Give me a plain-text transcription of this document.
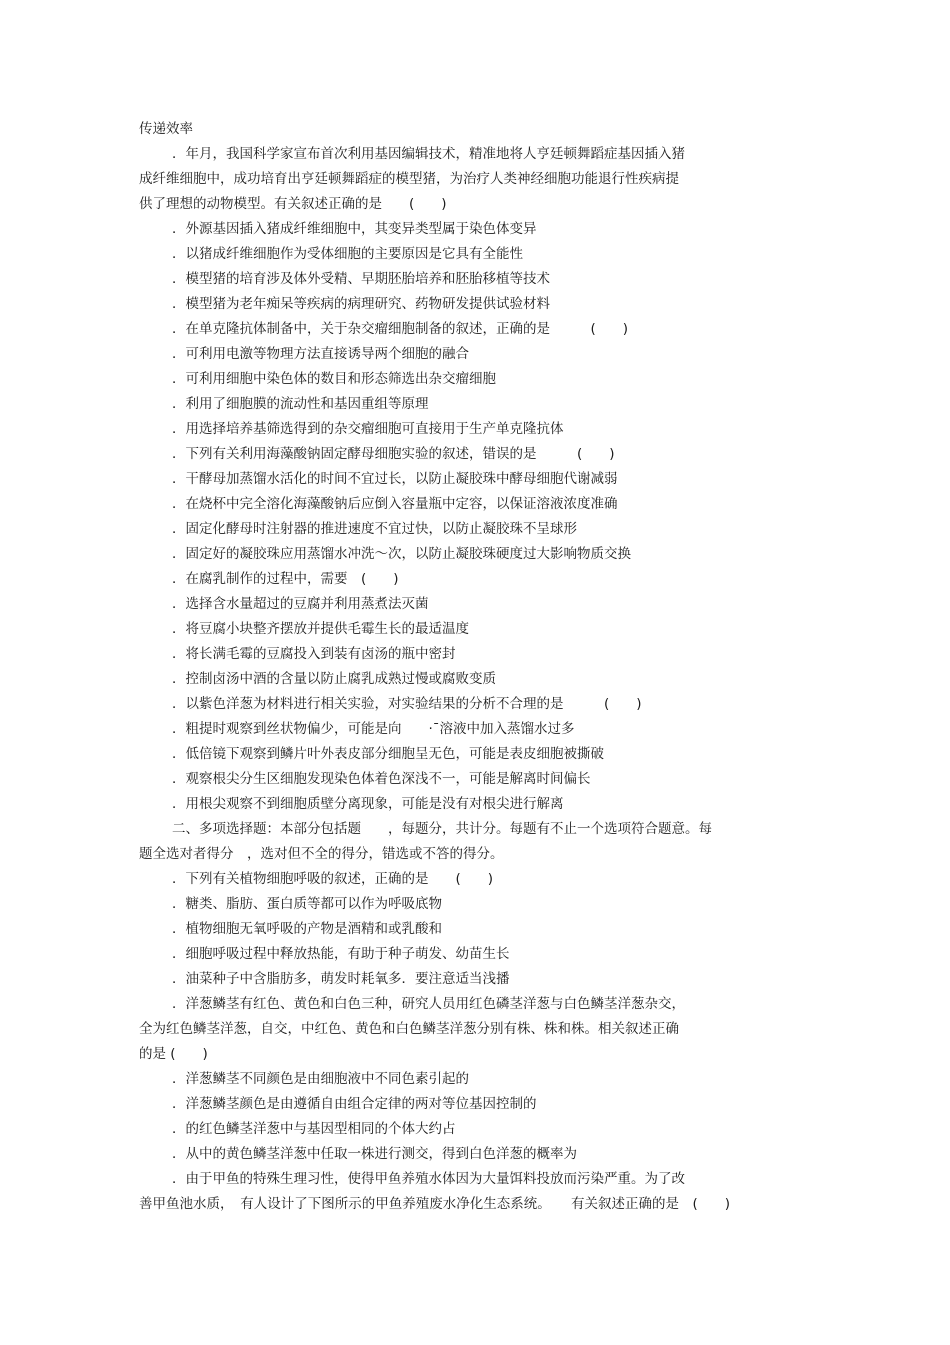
传递效率
．年月，我国科学家宣布首次利用基因编辑技术，精准地将人亨廷顿舞蹈症基因插入猪
成纤维细胞中，成功培育出亨廷顿舞蹈症的模型猪，为治疗人类神经细胞功能退行性疾病提
供了理想的动物模型。有关叙述正确的是　　(　　)
．外源基因插入猪成纤维细胞中，其变异类型属于染色体变异
．以猪成纤维细胞作为受体细胞的主要原因是它具有全能性
．模型猪的培育涉及体外受精、早期胚胎培养和胚胎移植等技术
．模型猪为老年痴呆等疾病的病理研究、药物研发提供试验材料
．在单克隆抗体制备中，关于杂交瘤细胞制备的叙述，正确的是　　　(　　)
．可利用电激等物理方法直接诱导两个细胞的融合
．可利用细胞中染色体的数目和形态筛选出杂交瘤细胞
．利用了细胞膜的流动性和基因重组等原理
．用选择培养基筛选得到的杂交瘤细胞可直接用于生产单克隆抗体
．下列有关利用海藻酸钠固定酵母细胞实验的叙述，错误的是　　　(　　)
．干酵母加蒸馏水活化的时间不宜过长，以防止凝胶珠中酵母细胞代谢减弱
．在烧杯中完全溶化海藻酸钠后应倒入容量瓶中定容，以保证溶液浓度准确
．固定化酵母时注射器的推进速度不宜过快，以防止凝胶珠不呈球形
．固定好的凝胶珠应用蒸馏水冲洗～次，以防止凝胶珠硬度过大影响物质交换
．在腐乳制作的过程中，需要　(　　)
．选择含水量超过的豆腐并利用蒸煮法灭菌
．将豆腐小块整齐摆放并提供毛霉生长的最适温度
．将长满毛霉的豆腐投入到装有卤汤的瓶中密封
．控制卤汤中酒的含量以防止腐乳成熟过慢或腐败变质
．以紫色洋葱为材料进行相关实验，对实验结果的分析不合理的是　　　(　　)
．粗提时观察到丝状物偏少，可能是向　　·¯溶液中加入蒸馏水过多
．低倍镜下观察到鳞片叶外表皮部分细胞呈无色，可能是表皮细胞被撕破
．观察根尖分生区细胞发现染色体着色深浅不一，可能是解离时间偏长
．用根尖观察不到细胞质壁分离现象，可能是没有对根尖进行解离
二、多项选择题：本部分包括题　　，每题分，共计分。每题有不止一个选项符合题意。每
题全选对者得分　，选对但不全的得分，错选或不答的得分。
．下列有关植物细胞呼吸的叙述，正确的是　　(　　)
．糖类、脂肪、蛋白质等都可以作为呼吸底物
．植物细胞无氧呼吸的产物是酒精和或乳酸和
．细胞呼吸过程中释放热能，有助于种子萌发、幼苗生长
．油菜种子中含脂肪多，萌发时耗氧多．要注意适当浅播
．洋葱鳞茎有红色、黄色和白色三种，研究人员用红色磷茎洋葱与白色鳞茎洋葱杂交，
全为红色鳞茎洋葱，自交，中红色、黄色和白色鳞茎洋葱分别有株、株和株。相关叙述正确
的是 (　　)
．洋葱鳞茎不同颜色是由细胞液中不同色素引起的
．洋葱鳞茎颜色是由遵循自由组合定律的两对等位基因控制的
．的红色鳞茎洋葱中与基因型相同的个体大约占
．从中的黄色鳞茎洋葱中任取一株进行测交，得到白色洋葱的概率为
．由于甲鱼的特殊生理习性，使得甲鱼养殖水体因为大量饵料投放而污染严重。为了改
善甲鱼池水质，　有人设计了下图所示的甲鱼养殖废水净化生态系统。　　有关叙述正确的是　(　　)
